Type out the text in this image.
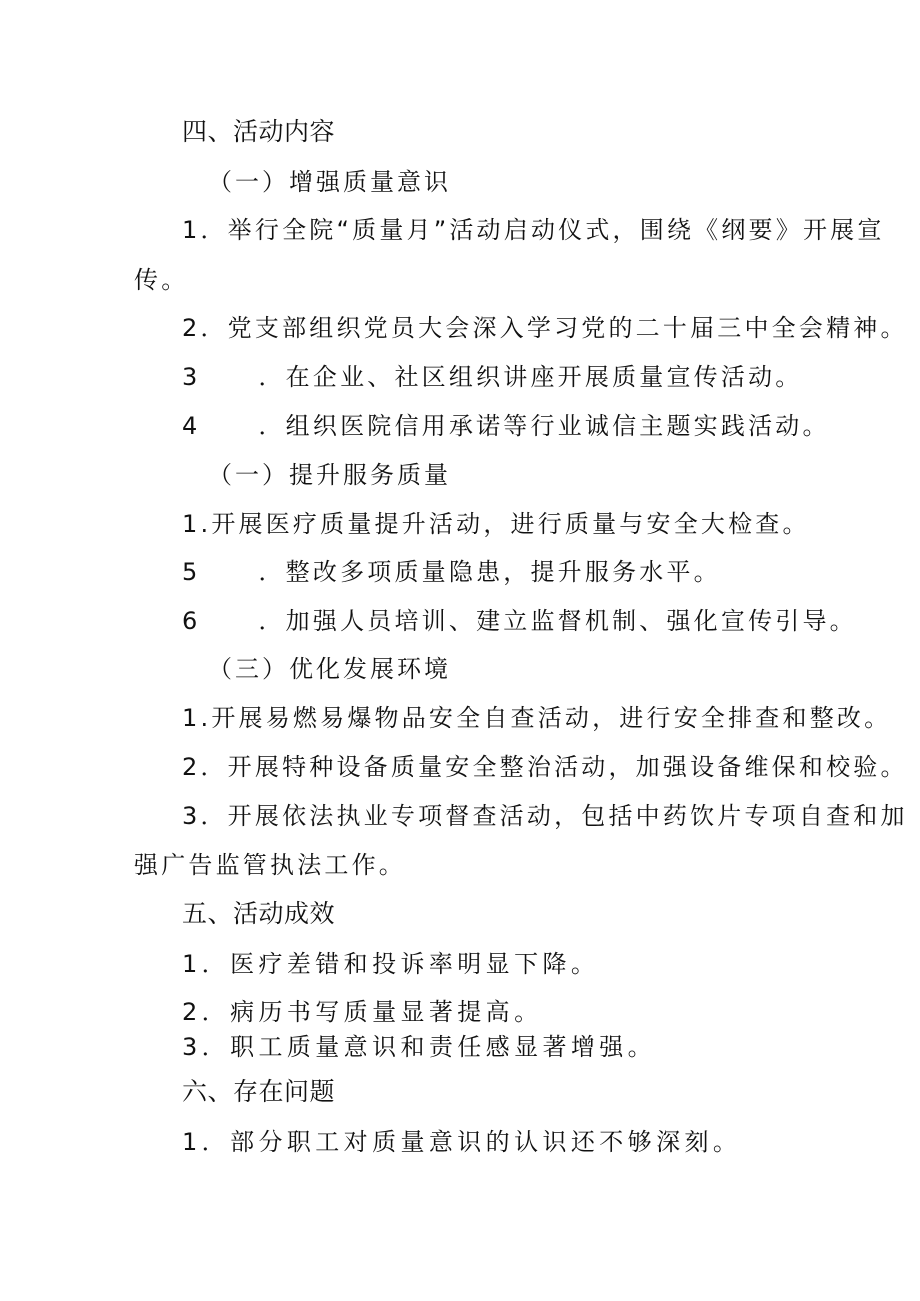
四、活动内容

（一）增强质量意识

1．举行全院“质量月”活动启动仪式，围绕《纲要》开展宣

传。

2．党支部组织党员大会深入学习党的二十届三中全会精神。

3 ．在企业、社区组织讲座开展质量宣传活动。

4 ．组织医院信用承诺等行业诚信主题实践活动。

（一）提升服务质量

1.开展医疗质量提升活动，进行质量与安全大检查。

5 ．整改多项质量隐患，提升服务水平。

6 ．加强人员培训、建立监督机制、强化宣传引导。

（三）优化发展环境

1.开展易燃易爆物品安全自查活动，进行安全排查和整改。

2．开展特种设备质量安全整治活动，加强设备维保和校验。

3．开展依法执业专项督查活动，包括中药饮片专项自查和加

强广告监管执法工作。

五、活动成效

1．医疗差错和投诉率明显下降。

2．病历书写质量显著提高。

3．职工质量意识和责任感显著增强。

六、存在问题

1．部分职工对质量意识的认识还不够深刻。
